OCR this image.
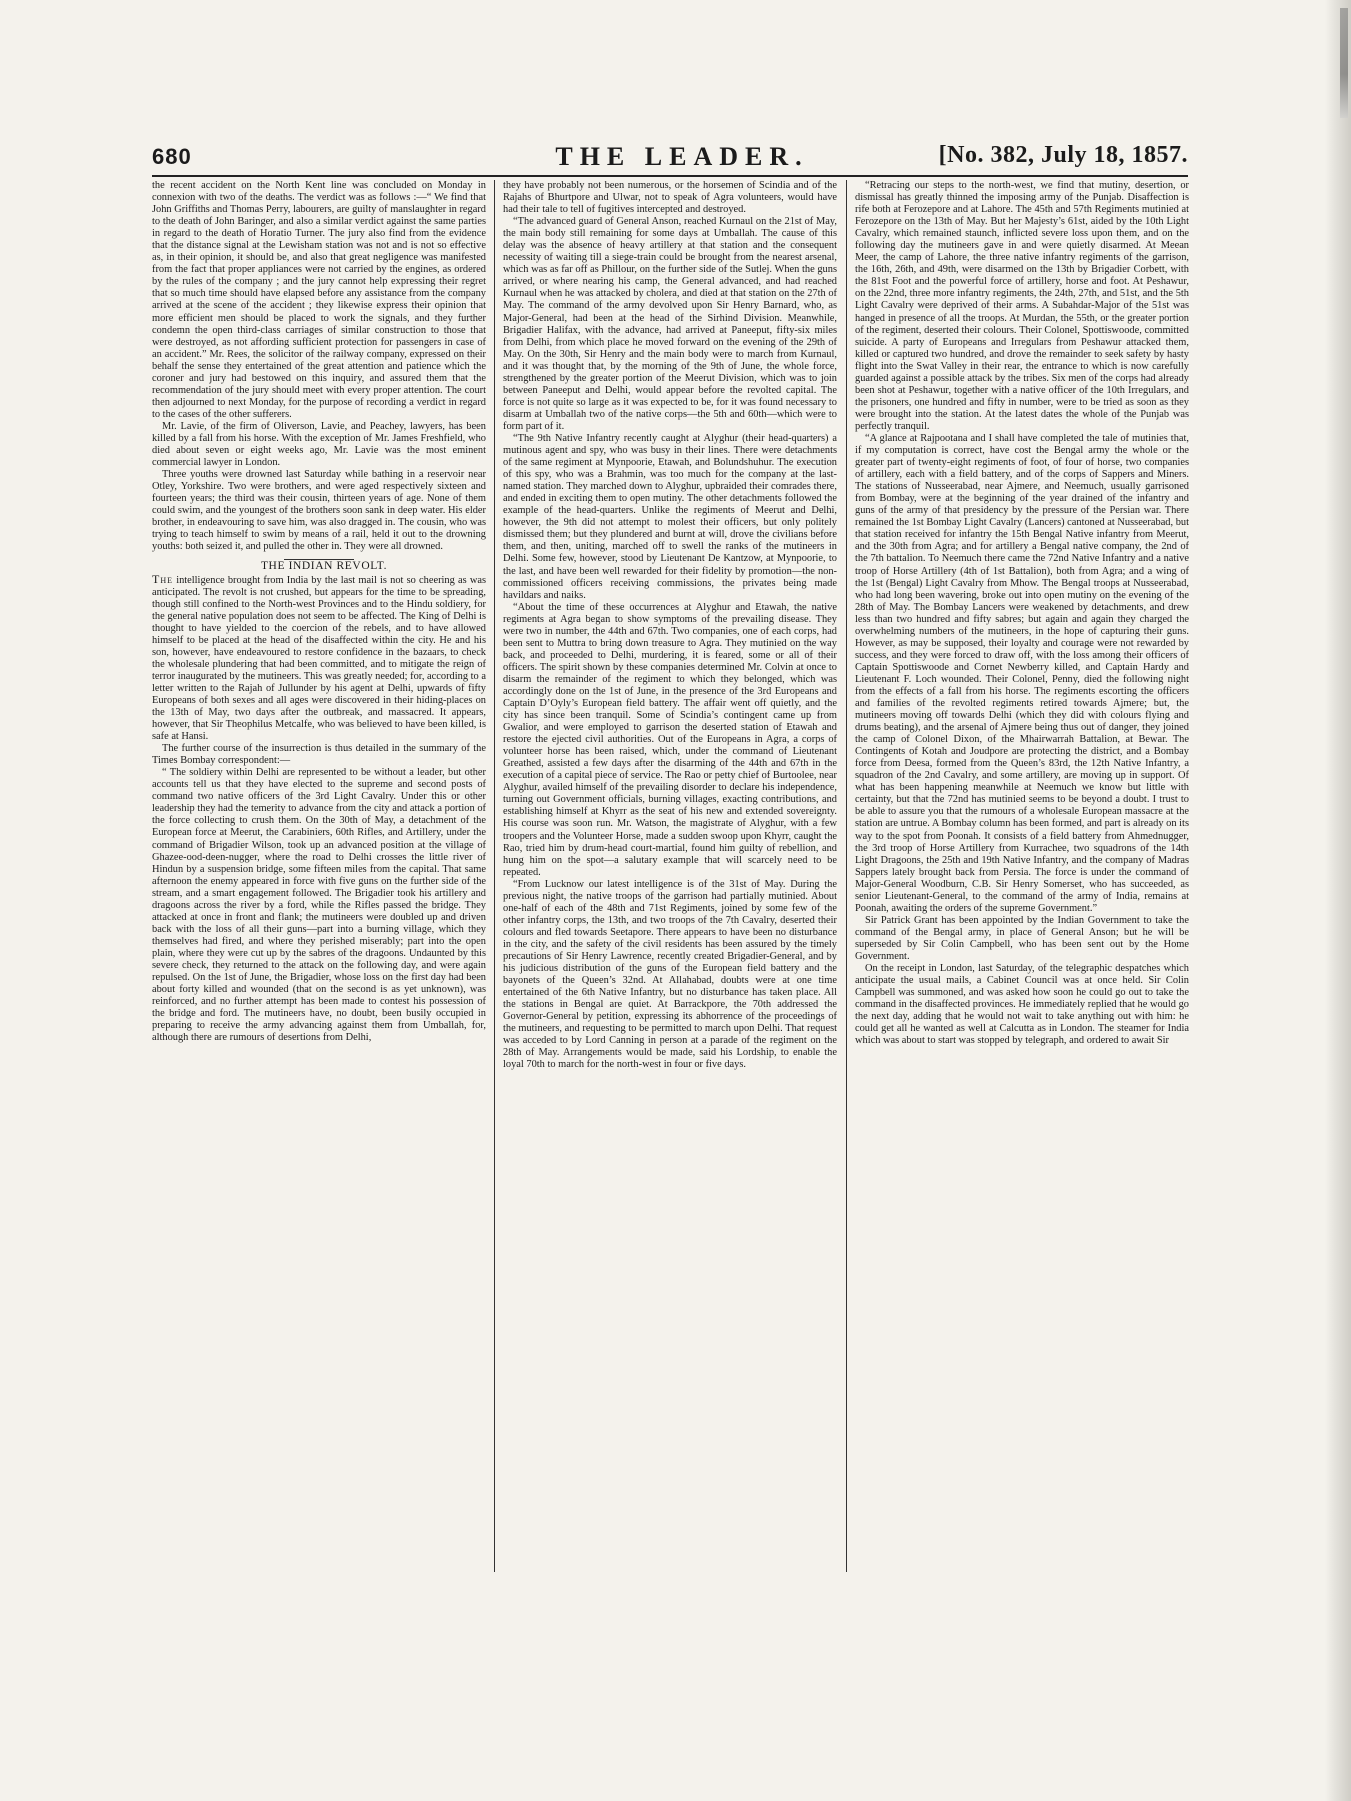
680	THE LEADER.	[No. 382, July 18, 1857.

the recent accident on the North Kent line was concluded on Monday in connexion with two of the deaths. The verdict was as follows :—“ We find that John Griffiths and Thomas Perry, labourers, are guilty of manslaughter in regard to the death of John Baringer, and also a similar verdict against the same parties in regard to the death of Horatio Turner. The jury also find from the evidence that the distance signal at the Lewisham station was not and is not so effective as, in their opinion, it should be, and also that great negligence was manifested from the fact that proper appliances were not carried by the engines, as ordered by the rules of the company ; and the jury cannot help expressing their regret that so much time should have elapsed before any assistance from the company arrived at the scene of the accident ; they likewise express their opinion that more efficient men should be placed to work the signals, and they further condemn the open third-class carriages of similar construction to those that were destroyed, as not affording sufficient protection for passengers in case of an accident.” Mr. Rees, the solicitor of the railway company, expressed on their behalf the sense they entertained of the great attention and patience which the coroner and jury had bestowed on this inquiry, and assured them that the recommendation of the jury should meet with every proper attention. The court then adjourned to next Monday, for the purpose of recording a verdict in regard to the cases of the other sufferers.

Mr. Lavie, of the firm of Oliverson, Lavie, and Peachey, lawyers, has been killed by a fall from his horse. With the exception of Mr. James Freshfield, who died about seven or eight weeks ago, Mr. Lavie was the most eminent commercial lawyer in London.

Three youths were drowned last Saturday while bathing in a reservoir near Otley, Yorkshire. Two were brothers, and were aged respectively sixteen and fourteen years; the third was their cousin, thirteen years of age. None of them could swim, and the youngest of the brothers soon sank in deep water. His elder brother, in endeavouring to save him, was also dragged in. The cousin, who was trying to teach himself to swim by means of a rail, held it out to the drowning youths: both seized it, and pulled the other in. They were all drowned.

THE INDIAN REVOLT.

The intelligence brought from India by the last mail is not so cheering as was anticipated. The revolt is not crushed, but appears for the time to be spreading, though still confined to the North-west Provinces and to the Hindu soldiery, for the general native population does not seem to be affected. The King of Delhi is thought to have yielded to the coercion of the rebels, and to have allowed himself to be placed at the head of the disaffected within the city. He and his son, however, have endeavoured to restore confidence in the bazaars, to check the wholesale plundering that had been committed, and to mitigate the reign of terror inaugurated by the mutineers. This was greatly needed; for, according to a letter written to the Rajah of Jullunder by his agent at Delhi, upwards of fifty Europeans of both sexes and all ages were discovered in their hiding-places on the 13th of May, two days after the outbreak, and massacred. It appears, however, that Sir Theophilus Metcalfe, who was believed to have been killed, is safe at Hansi.

The further course of the insurrection is thus detailed in the summary of the Times Bombay correspondent:—

“ The soldiery within Delhi are represented to be without a leader, but other accounts tell us that they have elected to the supreme and second posts of command two native officers of the 3rd Light Cavalry. Under this or other leadership they had the temerity to advance from the city and attack a portion of the force collecting to crush them. On the 30th of May, a detachment of the European force at Meerut, the Carabiniers, 60th Rifles, and Artillery, under the command of Brigadier Wilson, took up an advanced position at the village of Ghazee-ood-deen-nugger, where the road to Delhi crosses the little river of Hindun by a suspension bridge, some fifteen miles from the capital. That same afternoon the enemy appeared in force with five guns on the further side of the stream, and a smart engagement followed. The Brigadier took his artillery and dragoons across the river by a ford, while the Rifles passed the bridge. They attacked at once in front and flank; the mutineers were doubled up and driven back with the loss of all their guns—part into a burning village, which they themselves had fired, and where they perished miserably; part into the open plain, where they were cut up by the sabres of the dragoons. Undaunted by this severe check, they returned to the attack on the following day, and were again repulsed. On the 1st of June, the Brigadier, whose loss on the first day had been about forty killed and wounded (that on the second is as yet unknown), was reinforced, and no further attempt has been made to contest his possession of the bridge and ford. The mutineers have, no doubt, been busily occupied in preparing to receive the army advancing against them from Umballah, for, although there are rumours of desertions from Delhi,

they have probably not been numerous, or the horsemen of Scindia and of the Rajahs of Bhurtpore and Ulwar, not to speak of Agra volunteers, would have had their tale to tell of fugitives intercepted and destroyed.

“The advanced guard of General Anson, reached Kurnaul on the 21st of May, the main body still remaining for some days at Umballah. The cause of this delay was the absence of heavy artillery at that station and the consequent necessity of waiting till a siege-train could be brought from the nearest arsenal, which was as far off as Phillour, on the further side of the Sutlej. When the guns arrived, or where nearing his camp, the General advanced, and had reached Kurnaul when he was attacked by cholera, and died at that station on the 27th of May. The command of the army devolved upon Sir Henry Barnard, who, as Major-General, had been at the head of the Sirhind Division. Meanwhile, Brigadier Halifax, with the advance, had arrived at Paneeput, fifty-six miles from Delhi, from which place he moved forward on the evening of the 29th of May. On the 30th, Sir Henry and the main body were to march from Kurnaul, and it was thought that, by the morning of the 9th of June, the whole force, strengthened by the greater portion of the Meerut Division, which was to join between Paneeput and Delhi, would appear before the revolted capital. The force is not quite so large as it was expected to be, for it was found necessary to disarm at Umballah two of the native corps—the 5th and 60th—which were to form part of it.

“The 9th Native Infantry recently caught at Alyghur (their head-quarters) a mutinous agent and spy, who was busy in their lines. There were detachments of the same regiment at Mynpoorie, Etawah, and Bolundshuhur. The execution of this spy, who was a Brahmin, was too much for the company at the last-named station. They marched down to Alyghur, upbraided their comrades there, and ended in exciting them to open mutiny. The other detachments followed the example of the head-quarters. Unlike the regiments of Meerut and Delhi, however, the 9th did not attempt to molest their officers, but only politely dismissed them; but they plundered and burnt at will, drove the civilians before them, and then, uniting, marched off to swell the ranks of the mutineers in Delhi. Some few, however, stood by Lieutenant De Kantzow, at Mynpoorie, to the last, and have been well rewarded for their fidelity by promotion—the non-commissioned officers receiving commissions, the privates being made havildars and naiks.

“About the time of these occurrences at Alyghur and Etawah, the native regiments at Agra began to show symptoms of the prevailing disease. They were two in number, the 44th and 67th. Two companies, one of each corps, had been sent to Muttra to bring down treasure to Agra. They mutinied on the way back, and proceeded to Delhi, murdering, it is feared, some or all of their officers. The spirit shown by these companies determined Mr. Colvin at once to disarm the remainder of the regiment to which they belonged, which was accordingly done on the 1st of June, in the presence of the 3rd Europeans and Captain D’Oyly’s European field battery. The affair went off quietly, and the city has since been tranquil. Some of Scindia’s contingent came up from Gwalior, and were employed to garrison the deserted station of Etawah and restore the ejected civil authorities. Out of the Europeans in Agra, a corps of volunteer horse has been raised, which, under the command of Lieutenant Greathed, assisted a few days after the disarming of the 44th and 67th in the execution of a capital piece of service. The Rao or petty chief of Burtoolee, near Alyghur, availed himself of the prevailing disorder to declare his independence, turning out Government officials, burning villages, exacting contributions, and establishing himself at Khyrr as the seat of his new and extended sovereignty. His course was soon run. Mr. Watson, the magistrate of Alyghur, with a few troopers and the Volunteer Horse, made a sudden swoop upon Khyrr, caught the Rao, tried him by drum-head court-martial, found him guilty of rebellion, and hung him on the spot—a salutary example that will scarcely need to be repeated.

“From Lucknow our latest intelligence is of the 31st of May. During the previous night, the native troops of the garrison had partially mutinied. About one-half of each of the 48th and 71st Regiments, joined by some few of the other infantry corps, the 13th, and two troops of the 7th Cavalry, deserted their colours and fled towards Seetapore. There appears to have been no disturbance in the city, and the safety of the civil residents has been assured by the timely precautions of Sir Henry Lawrence, recently created Brigadier-General, and by his judicious distribution of the guns of the European field battery and the bayonets of the Queen’s 32nd. At Allahabad, doubts were at one time entertained of the 6th Native Infantry, but no disturbance has taken place. All the stations in Bengal are quiet. At Barrackpore, the 70th addressed the Governor-General by petition, expressing its abhorrence of the proceedings of the mutineers, and requesting to be permitted to march upon Delhi. That request was acceded to by Lord Canning in person at a parade of the regiment on the 28th of May. Arrangements would be made, said his Lordship, to enable the loyal 70th to march for the north-west in four or five days.

“Retracing our steps to the north-west, we find that mutiny, desertion, or dismissal has greatly thinned the imposing army of the Punjab. Disaffection is rife both at Ferozepore and at Lahore. The 45th and 57th Regiments mutinied at Ferozepore on the 13th of May. But her Majesty’s 61st, aided by the 10th Light Cavalry, which remained staunch, inflicted severe loss upon them, and on the following day the mutineers gave in and were quietly disarmed. At Meean Meer, the camp of Lahore, the three native infantry regiments of the garrison, the 16th, 26th, and 49th, were disarmed on the 13th by Brigadier Corbett, with the 81st Foot and the powerful force of artillery, horse and foot. At Peshawur, on the 22nd, three more infantry regiments, the 24th, 27th, and 51st, and the 5th Light Cavalry were deprived of their arms. A Subahdar-Major of the 51st was hanged in presence of all the troops. At Murdan, the 55th, or the greater portion of the regiment, deserted their colours. Their Colonel, Spottiswoode, committed suicide. A party of Europeans and Irregulars from Peshawur attacked them, killed or captured two hundred, and drove the remainder to seek safety by hasty flight into the Swat Valley in their rear, the entrance to which is now carefully guarded against a possible attack by the tribes. Six men of the corps had already been shot at Peshawur, together with a native officer of the 10th Irregulars, and the prisoners, one hundred and fifty in number, were to be tried as soon as they were brought into the station. At the latest dates the whole of the Punjab was perfectly tranquil.

“A glance at Rajpootana and I shall have completed the tale of mutinies that, if my computation is correct, have cost the Bengal army the whole or the greater part of twenty-eight regiments of foot, of four of horse, two companies of artillery, each with a field battery, and of the corps of Sappers and Miners. The stations of Nusseerabad, near Ajmere, and Neemuch, usually garrisoned from Bombay, were at the beginning of the year drained of the infantry and guns of the army of that presidency by the pressure of the Persian war. There remained the 1st Bombay Light Cavalry (Lancers) cantoned at Nusseerabad, but that station received for infantry the 15th Bengal Native infantry from Meerut, and the 30th from Agra; and for artillery a Bengal native company, the 2nd of the 7th battalion. To Neemuch there came the 72nd Native Infantry and a native troop of Horse Artillery (4th of 1st Battalion), both from Agra; and a wing of the 1st (Bengal) Light Cavalry from Mhow. The Bengal troops at Nusseerabad, who had long been wavering, broke out into open mutiny on the evening of the 28th of May. The Bombay Lancers were weakened by detachments, and drew less than two hundred and fifty sabres; but again and again they charged the overwhelming numbers of the mutineers, in the hope of capturing their guns. However, as may be supposed, their loyalty and courage were not rewarded by success, and they were forced to draw off, with the loss among their officers of Captain Spottiswoode and Cornet Newberry killed, and Captain Hardy and Lieutenant F. Loch wounded. Their Colonel, Penny, died the following night from the effects of a fall from his horse. The regiments escorting the officers and families of the revolted regiments retired towards Ajmere; but, the mutineers moving off towards Delhi (which they did with colours flying and drums beating), and the arsenal of Ajmere being thus out of danger, they joined the camp of Colonel Dixon, of the Mhairwarrah Battalion, at Bewar. The Contingents of Kotah and Joudpore are protecting the district, and a Bombay force from Deesa, formed from the Queen’s 83rd, the 12th Native Infantry, a squadron of the 2nd Cavalry, and some artillery, are moving up in support. Of what has been happening meanwhile at Neemuch we know but little with certainty, but that the 72nd has mutinied seems to be beyond a doubt. I trust to be able to assure you that the rumours of a wholesale European massacre at the station are untrue. A Bombay column has been formed, and part is already on its way to the spot from Poonah. It consists of a field battery from Ahmednugger, the 3rd troop of Horse Artillery from Kurrachee, two squadrons of the 14th Light Dragoons, the 25th and 19th Native Infantry, and the company of Madras Sappers lately brought back from Persia. The force is under the command of Major-General Woodburn, C.B. Sir Henry Somerset, who has succeeded, as senior Lieutenant-General, to the command of the army of India, remains at Poonah, awaiting the orders of the supreme Government.”

Sir Patrick Grant has been appointed by the Indian Government to take the command of the Bengal army, in place of General Anson; but he will be superseded by Sir Colin Campbell, who has been sent out by the Home Government.

On the receipt in London, last Saturday, of the telegraphic despatches which anticipate the usual mails, a Cabinet Council was at once held. Sir Colin Campbell was summoned, and was asked how soon he could go out to take the command in the disaffected provinces. He immediately replied that he would go the next day, adding that he would not wait to take anything out with him: he could get all he wanted as well at Calcutta as in London. The steamer for India which was about to start was stopped by telegraph, and ordered to await Sir
